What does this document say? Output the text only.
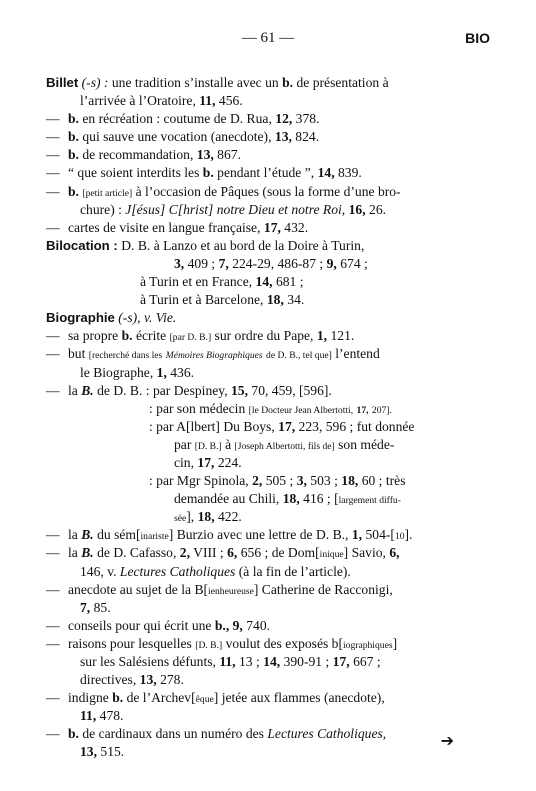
— 61 —	BIO
Billet (-s) : une tradition s’installe avec un b. de présentation à
l’arrivée à l’Oratoire, 11, 456.
— b. en récréation : coutume de D. Rua, 12, 378.
— b. qui sauve une vocation (anecdote), 13, 824.
— b. de recommandation, 13, 867.
— “ que soient interdits les b. pendant l’étude ”, 14, 839.
— b. [petit article] à l’occasion de Pâques (sous la forme d’une bro-
chure) : J[ésus] C[hrist] notre Dieu et notre Roi, 16, 26.
— cartes de visite en langue française, 17, 432.
Bilocation : D. B. à Lanzo et au bord de la Doire à Turin,
3, 409 ; 7, 224-29, 486-87 ; 9, 674 ;
à Turin et en France, 14, 681 ;
à Turin et à Barcelone, 18, 34.
Biographie (-s), v. Vie.
— sa propre b. écrite [par D. B.] sur ordre du Pape, 1, 121.
— but [recherché dans les Mémoires Biographiques de D. B., tel que] l’entend
le Biographe, 1, 436.
— la B. de D. B. : par Despiney, 15, 70, 459, [596].
: par son médecin [le Docteur Jean Albertotti, 17, 207].
: par A[lbert] Du Boys, 17, 223, 596 ; fut donnée
par [D. B.] à [Joseph Albertotti, fils de] son méde-
cin, 17, 224.
: par Mgr Spinola, 2, 505 ; 3, 503 ; 18, 60 ; très
demandée au Chili, 18, 416 ; [largement diffu-
sée], 18, 422.
— la B. du sém[inariste] Burzio avec une lettre de D. B., 1, 504-[10].
— la B. de D. Cafasso, 2, VIII ; 6, 656 ; de Dom[inique] Savio, 6,
146, v. Lectures Catholiques (à la fin de l’article).
— anecdote au sujet de la B[ienheureuse] Catherine de Racconigi,
7, 85.
— conseils pour qui écrit une b., 9, 740.
— raisons pour lesquelles [D. B.] voulut des exposés b[iographiques]
sur les Salésiens défunts, 11, 13 ; 14, 390-91 ; 17, 667 ;
directives, 13, 278.
— indigne b. de l’Archev[êque] jetée aux flammes (anecdote),
11, 478.
— b. de cardinaux dans un numéro des Lectures Catholiques,
13, 515.
➔
